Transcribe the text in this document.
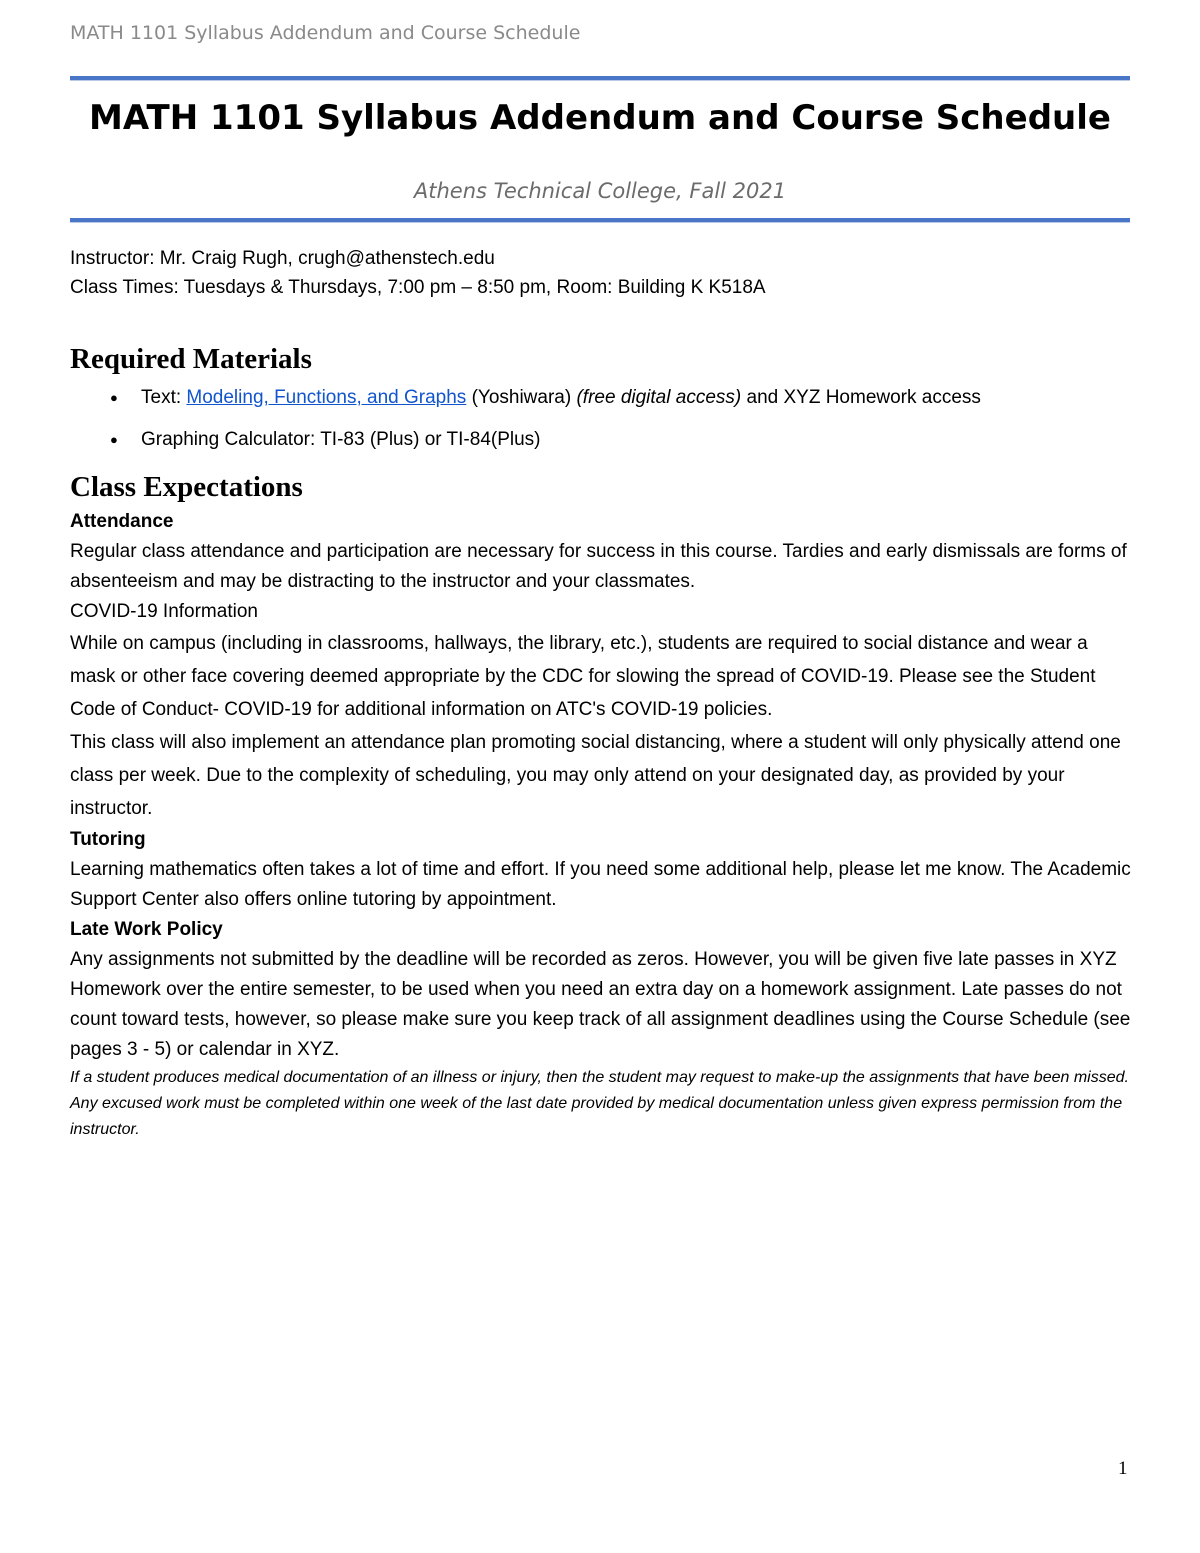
MATH 1101 Syllabus Addendum and Course Schedule
MATH 1101 Syllabus Addendum and Course Schedule
Athens Technical College, Fall 2021

Instructor: Mr. Craig Rugh, crugh@athenstech.edu

Class Times: Tuesdays & Thursdays, 7:00 pm – 8:50 pm, Room: Building K K518A

Required Materials
● Text: Modeling, Functions, and Graphs (Yoshiwara) (free digital access) and XYZ Homework access
● Graphing Calculator: TI-83 (Plus) or TI-84(Plus)
Class Expectations

Attendance

Regular class attendance and participation are necessary for success in this course. Tardies and early dismissals are forms of absenteeism and may be distracting to the instructor and your classmates.

COVID-19 Information

While on campus (including in classrooms, hallways, the library, etc.), students are required to social distance and wear a mask or other face covering deemed appropriate by the CDC for slowing the spread of COVID-19. Please see the Student Code of Conduct- COVID-19 for additional information on ATC's COVID-19 policies.

This class will also implement an attendance plan promoting social distancing, where a student will only physically attend one class per week. Due to the complexity of scheduling, you may only attend on your designated day, as provided by your instructor.

Tutoring

Learning mathematics often takes a lot of time and effort. If you need some additional help, please let me know. The Academic Support Center also offers online tutoring by appointment.

Late Work Policy

Any assignments not submitted by the deadline will be recorded as zeros. However, you will be given five late passes in XYZ Homework over the entire semester, to be used when you need an extra day on a homework assignment. Late passes do not count toward tests, however, so please make sure you keep track of all assignment deadlines using the Course Schedule (see pages 3 - 5) or calendar in XYZ.

If a student produces medical documentation of an illness or injury, then the student may request to make-up the assignments that have been missed. Any excused work must be completed within one week of the last date provided by medical documentation unless given express permission from the instructor.

1
